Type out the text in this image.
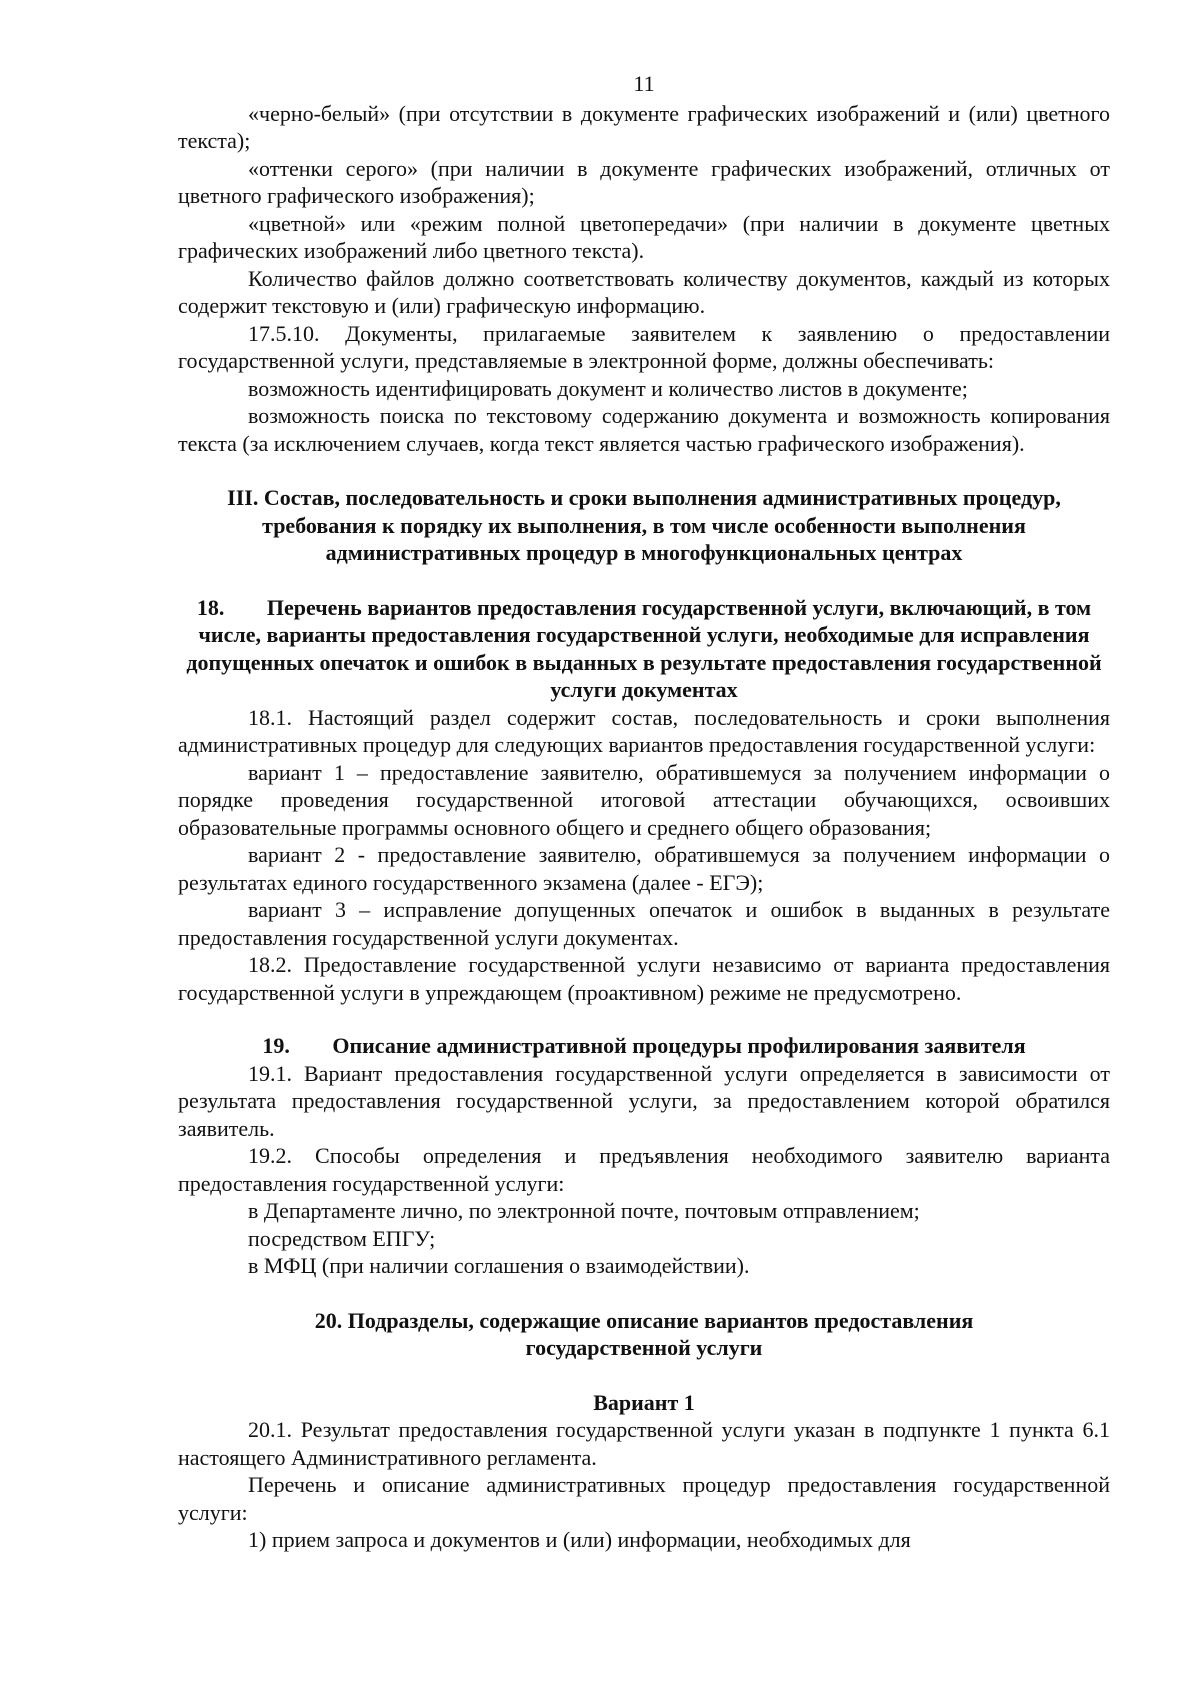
11

«черно-белый» (при отсутствии в документе графических изображений и (или) цветного текста);

«оттенки серого» (при наличии в документе графических изображений, отличных от цветного графического изображения);

«цветной» или «режим полной цветопередачи» (при наличии в документе цветных графических изображений либо цветного текста).

Количество файлов должно соответствовать количеству документов, каждый из которых содержит текстовую и (или) графическую информацию.

17.5.10. Документы, прилагаемые заявителем к заявлению о предоставлении государственной услуги, представляемые в электронной форме, должны обеспечивать:

возможность идентифицировать документ и количество листов в документе;

возможность поиска по текстовому содержанию документа и возможность копирования текста (за исключением случаев, когда текст является частью графического изображения).

III. Состав, последовательность и сроки выполнения административных процедур, требования к порядку их выполнения, в том числе особенности выполнения административных процедур в многофункциональных центрах
18. Перечень вариантов предоставления государственной услуги, включающий, в том числе, варианты предоставления государственной услуги, необходимые для исправления допущенных опечаток и ошибок в выданных в результате предоставления государственной услуги документах

18.1. Настоящий раздел содержит состав, последовательность и сроки выполнения административных процедур для следующих вариантов предоставления государственной услуги:

вариант 1 – предоставление заявителю, обратившемуся за получением информации о порядке проведения государственной итоговой аттестации обучающихся, освоивших образовательные программы основного общего и среднего общего образования;

вариант 2 - предоставление заявителю, обратившемуся за получением информации о результатах единого государственного экзамена (далее - ЕГЭ);

вариант 3 – исправление допущенных опечаток и ошибок в выданных в результате предоставления государственной услуги документах.

18.2. Предоставление государственной услуги независимо от варианта предоставления государственной услуги в упреждающем (проактивном) режиме не предусмотрено.

19. Описание административной процедуры профилирования заявителя

19.1. Вариант предоставления государственной услуги определяется в зависимости от результата предоставления государственной услуги, за предоставлением которой обратился заявитель.

19.2. Способы определения и предъявления необходимого заявителю варианта предоставления государственной услуги:

в Департаменте лично, по электронной почте, почтовым отправлением;

посредством ЕПГУ;

в МФЦ (при наличии соглашения о взаимодействии).

20. Подразделы, содержащие описание вариантов предоставления государственной услуги
Вариант 1

20.1. Результат предоставления государственной услуги указан в подпункте 1 пункта 6.1 настоящего Административного регламента.

Перечень и описание административных процедур предоставления государственной услуги:

1) прием запроса и документов и (или) информации, необходимых для
